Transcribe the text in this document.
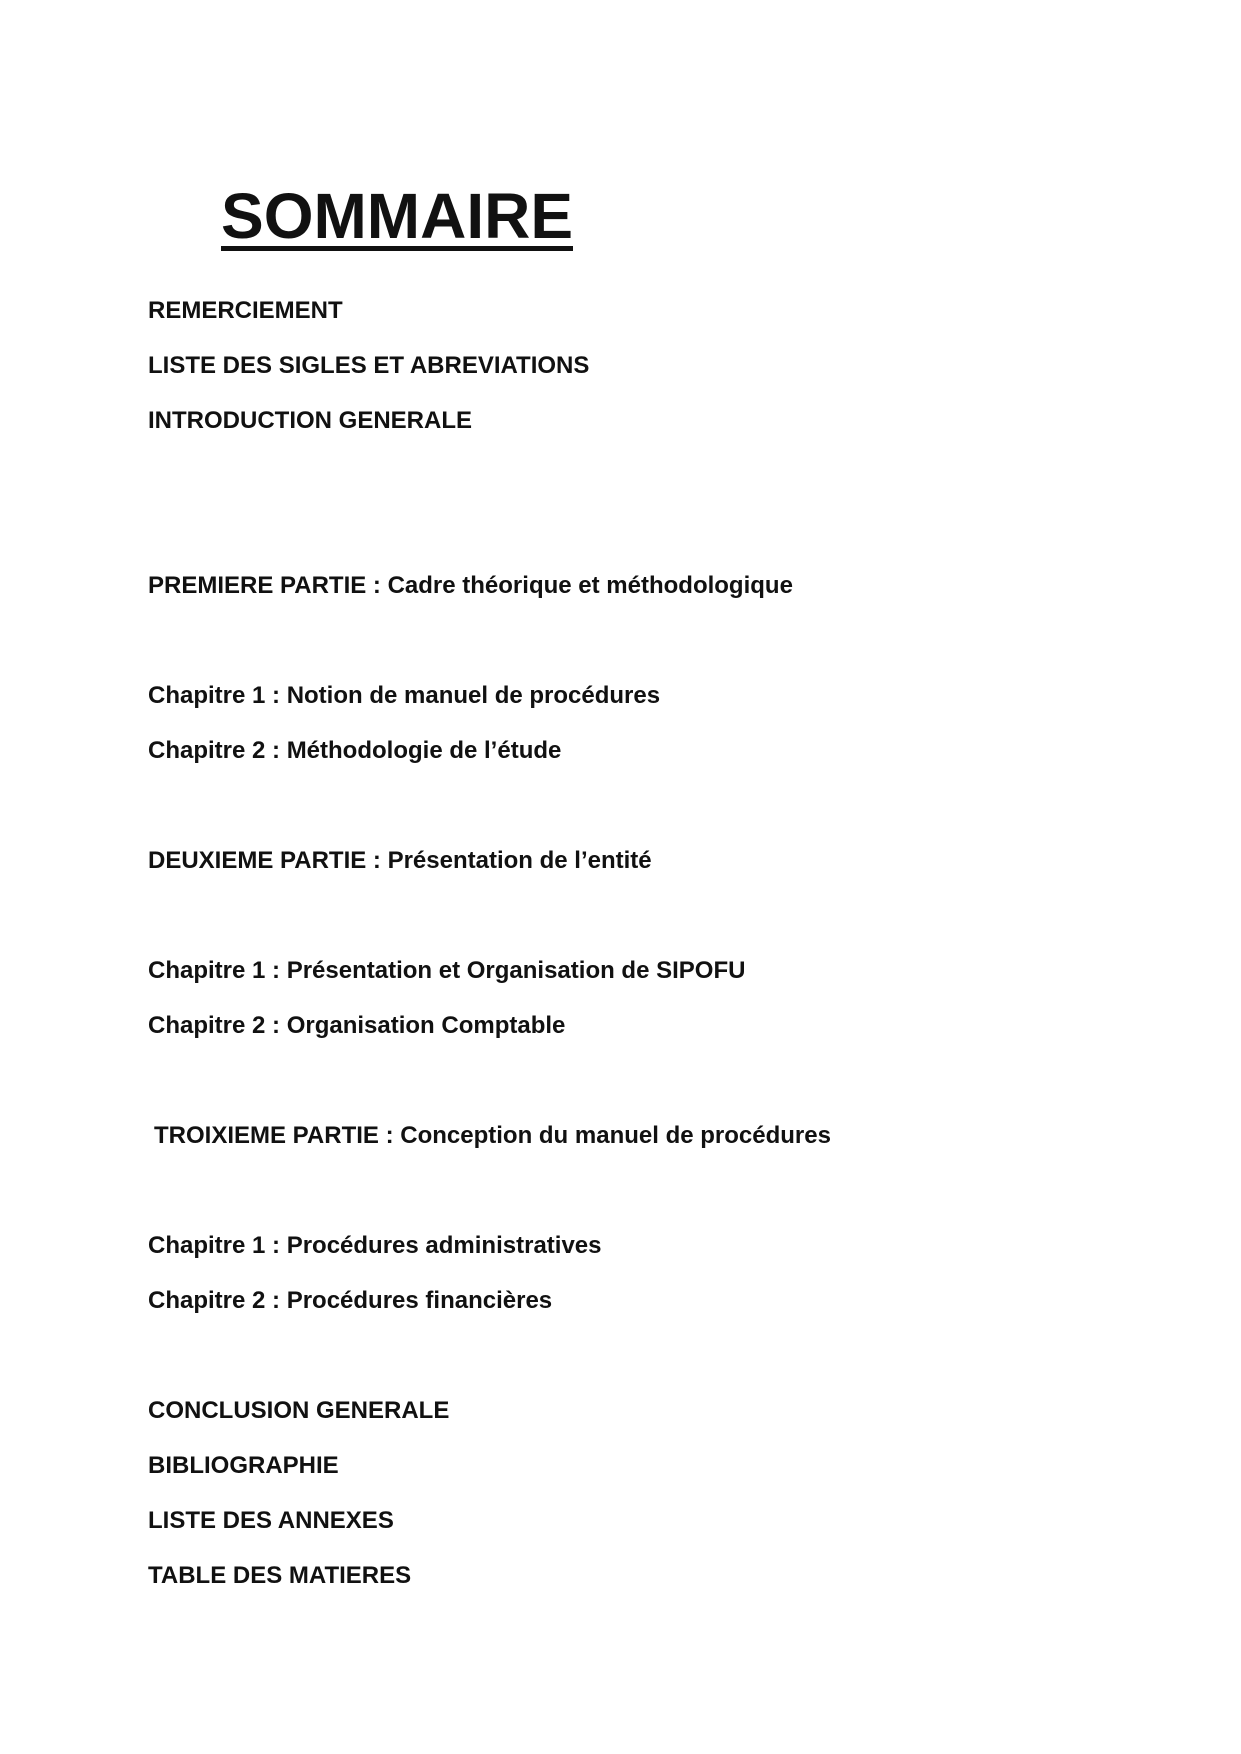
SOMMAIRE

REMERCIEMENT

LISTE DES SIGLES ET ABREVIATIONS

INTRODUCTION GENERALE

PREMIERE PARTIE : Cadre théorique et méthodologique

Chapitre 1 : Notion de manuel de procédures

Chapitre 2 : Méthodologie de l’étude

DEUXIEME PARTIE : Présentation de l’entité

Chapitre 1 : Présentation et Organisation de SIPOFU

Chapitre 2 : Organisation Comptable

TROIXIEME PARTIE : Conception du manuel de procédures

Chapitre 1 : Procédures administratives

Chapitre 2 : Procédures financières

CONCLUSION GENERALE

BIBLIOGRAPHIE

LISTE DES ANNEXES

TABLE DES MATIERES
